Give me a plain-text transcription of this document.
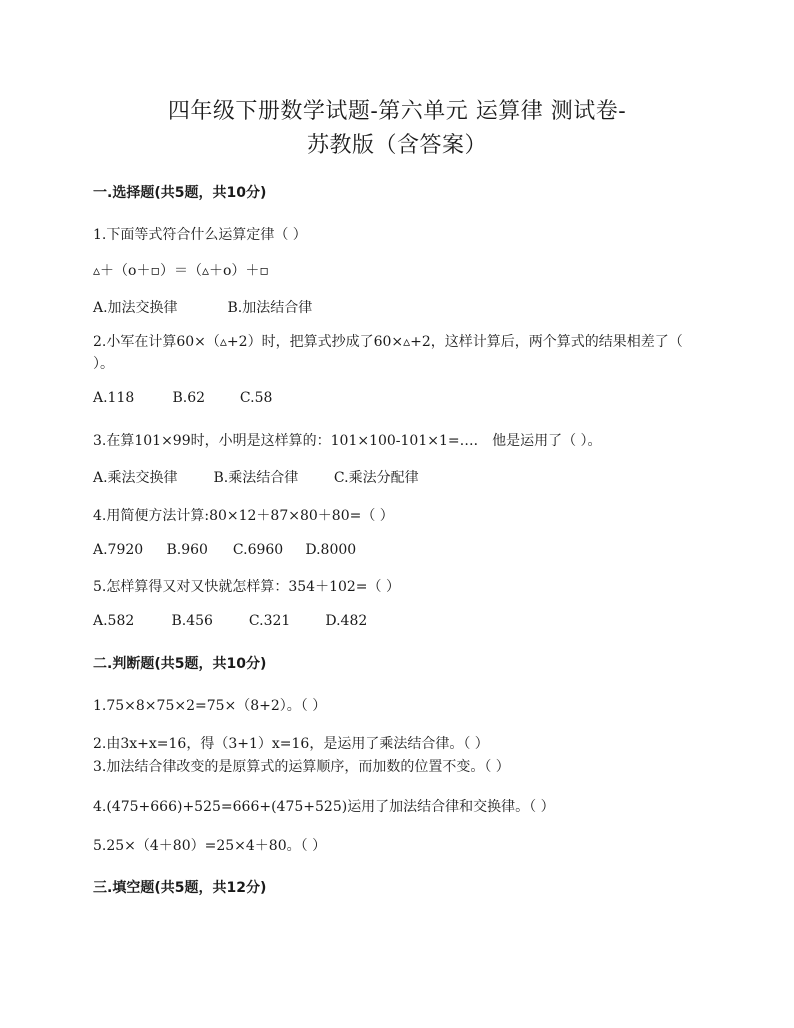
四年级下册数学试题-第六单元 运算律 测试卷-
苏教版（含答案）
一.选择题(共5题，共10分)
1.下面等式符合什么运算定律（ ）
▵＋（ο＋▫）＝（▵＋ο）＋▫
A.加法交换律	B.加法结合律
2.小军在计算60×（▵+2）时，把算式抄成了60×▵+2，这样计算后，两个算式的结果相差了（ ）。
A.118	B.62 C.58
3.在算101×99时，小明是这样算的：101×100-101×1=…． 他是运用了（ ）。
A.乘法交换律	B.乘法结合律	C.乘法分配律
4.用简便方法计算:80×12＋87×80＋80=（ ）
A.7920 B.960 C.6960 D.8000
5.怎样算得又对又快就怎样算：354＋102=（ ）
A.582	B.456	C.321	D.482
二.判断题(共5题，共10分)
1.75×8×75×2=75×（8+2）。（ ）
2.由3x+x=16，得（3+1）x=16，是运用了乘法结合律。（ ）
3.加法结合律改变的是原算式的运算顺序，而加数的位置不变。（ ）
4.(475+666)+525=666+(475+525)运用了加法结合律和交换律。（ ）
5.25×（4＋80）=25×4＋80。（ ）
三.填空题(共5题，共12分)
